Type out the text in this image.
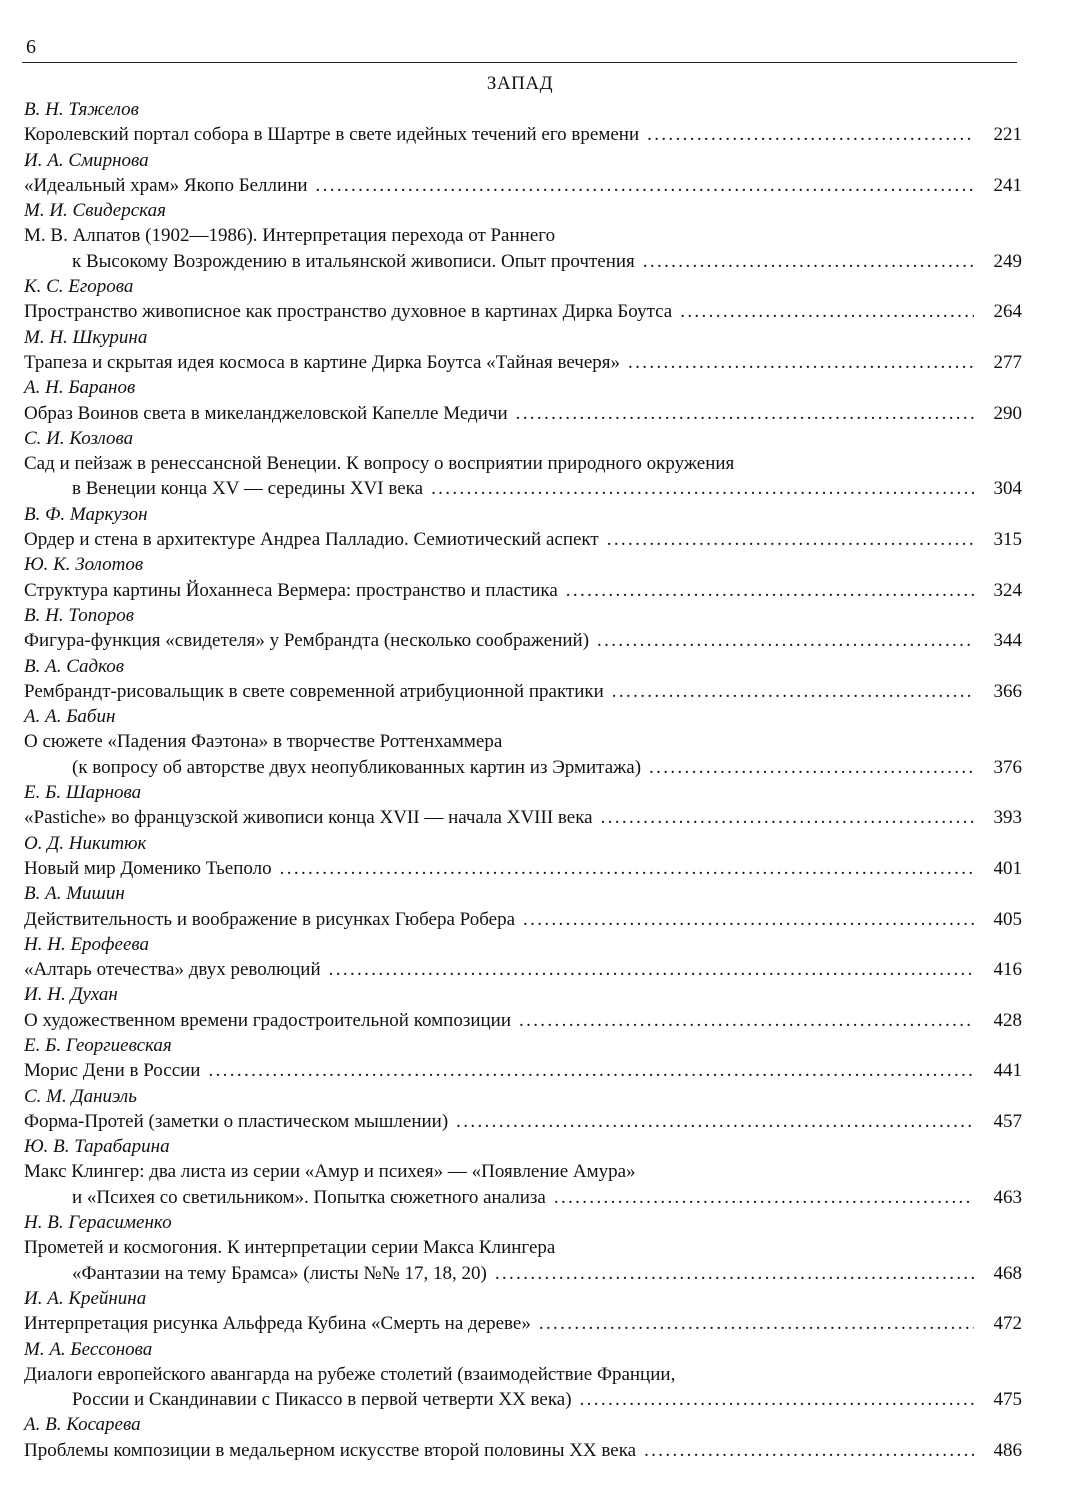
6
ЗАПАД
В. Н. Тяжелов
Королевский портал собора в Шартре в свете идейных течений его времени . . .	221
И. А. Смирнова
«Идеальный храм» Якопо Беллини . . .	241
М. И. Свидерская
М. В. Алпатов (1902—1986). Интерпретация перехода от Раннего
к Высокому Возрождению в итальянской живописи. Опыт прочтения . . .	249
К. С. Егорова
Пространство живописное как пространство духовное в картинах Дирка Боутса . . .	264
М. Н. Шкурина
Трапеза и скрытая идея космоса в картине Дирка Боутса «Тайная вечеря» . . .	277
А. Н. Баранов
Образ Воинов света в микеланджеловской Капелле Медичи . . .	290
С. И. Козлова
Сад и пейзаж в ренессансной Венеции. К вопросу о восприятии природного окружения
в Венеции конца XV — середины XVI века . . .	304
В. Ф. Маркузон
Ордер и стена в архитектуре Андреа Палладио. Семиотический аспект . . .	315
Ю. К. Золотов
Структура картины Йоханнеса Вермера: пространство и пластика . . .	324
В. Н. Топоров
Фигура-функция «свидетеля» у Рембрандта (несколько соображений) . . .	344
В. А. Садков
Рембрандт-рисовальщик в свете современной атрибуционной практики . . .	366
А. А. Бабин
О сюжете «Падения Фаэтона» в творчестве Роттенхаммера
(к вопросу об авторстве двух неопубликованных картин из Эрмитажа) . . .	376
Е. Б. Шарнова
«Pastiche» во французской живописи конца XVII — начала XVIII века . . .	393
О. Д. Никитюк
Новый мир Доменико Тьеполо . . .	401
В. А. Мишин
Действительность и воображение в рисунках Гюбера Робера . . .	405
Н. Н. Ерофеева
«Алтарь отечества» двух революций . . .	416
И. Н. Духан
О художественном времени градостроительной композиции . . .	428
Е. Б. Георгиевская
Морис Дени в России . . .	441
С. М. Даниэль
Форма-Протей (заметки о пластическом мышлении) . . .	457
Ю. В. Тарабарина
Макс Клингер: два листа из серии «Амур и психея» — «Появление Амура»
и «Психея со светильником». Попытка сюжетного анализа . . .	463
Н. В. Герасименко
Прометей и космогония. К интерпретации серии Макса Клингера
«Фантазии на тему Брамса» (листы №№ 17, 18, 20) . . .	468
И. А. Крейнина
Интерпретация рисунка Альфреда Кубина «Смерть на дереве» . . .	472
М. А. Бессонова
Диалоги европейского авангарда на рубеже столетий (взаимодействие Франции,
России и Скандинавии с Пикассо в первой четверти XX века) . . .	475
А. В. Косарева
Проблемы композиции в медальерном искусстве второй половины XX века . . .	486
